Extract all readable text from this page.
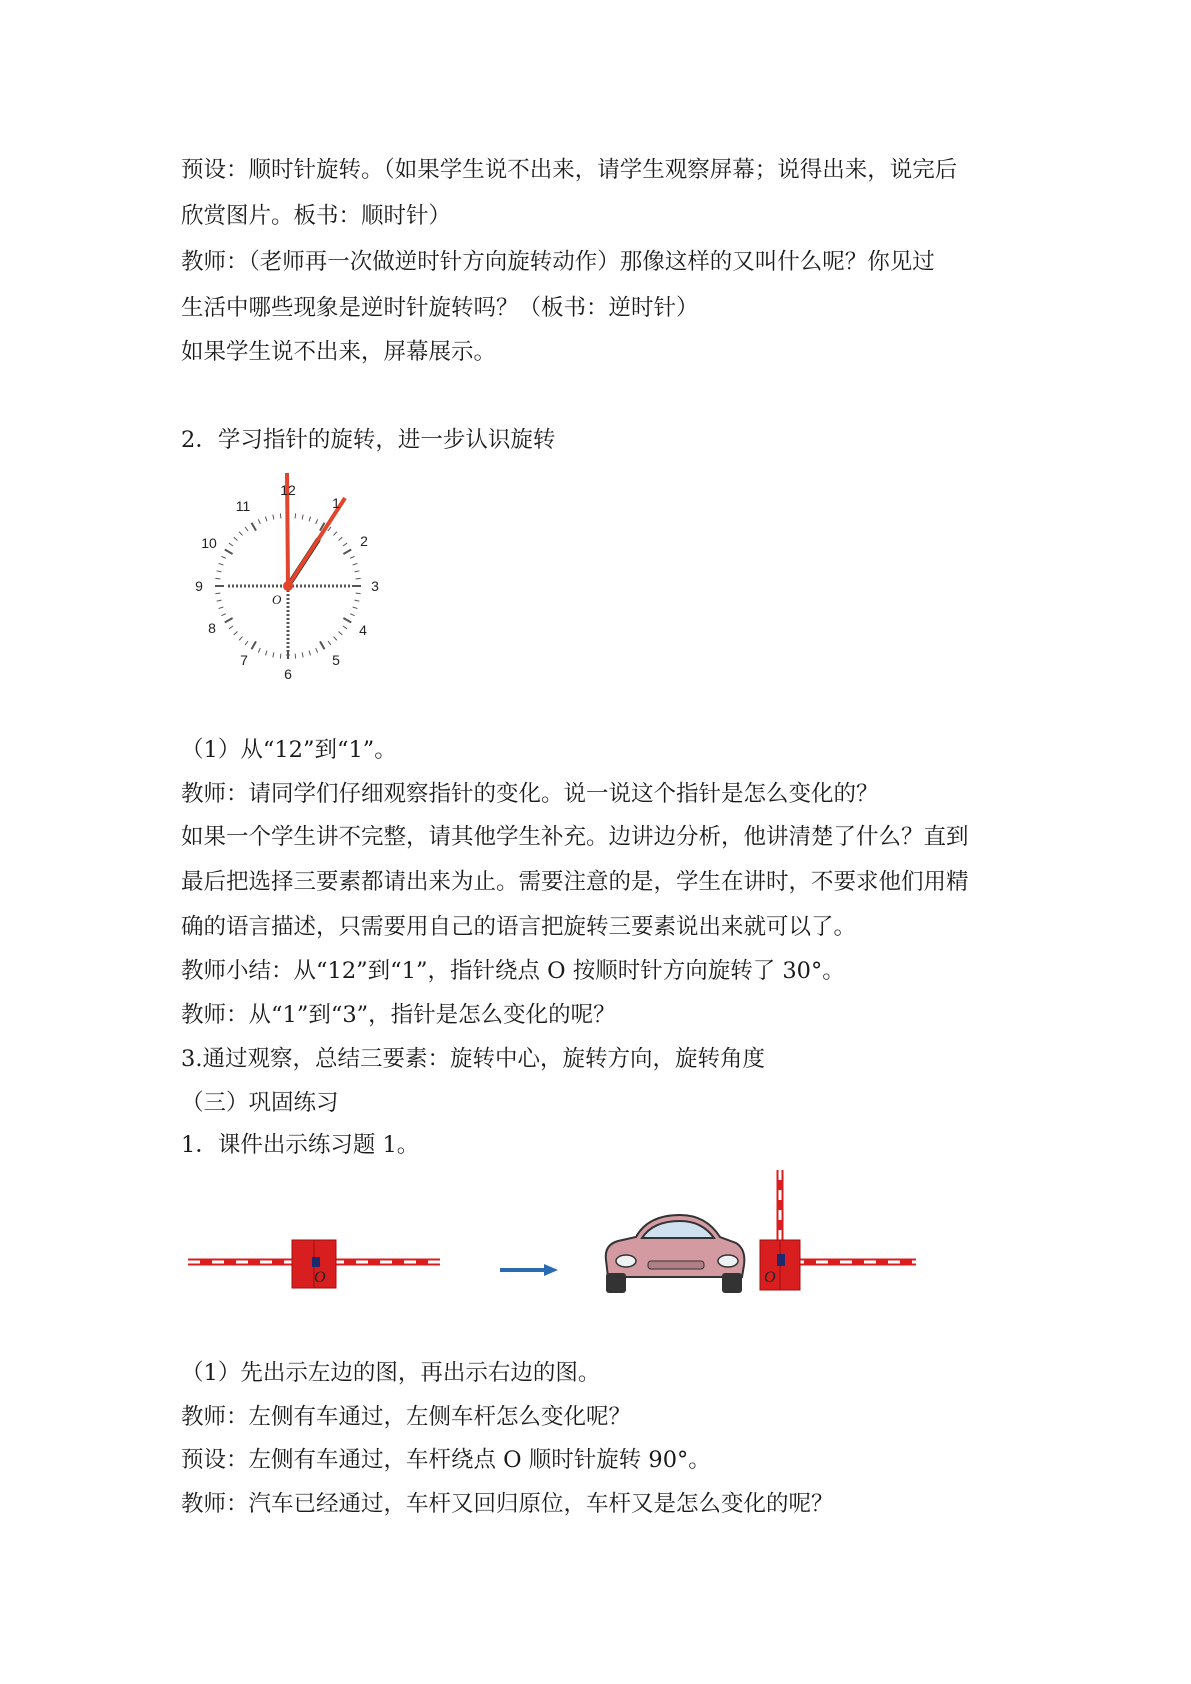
预设：顺时针旋转。（如果学生说不出来，请学生观察屏幕；说得出来，说完后
欣赏图片。板书：顺时针）
教师：（老师再一次做逆时针方向旋转动作）那像这样的又叫什么呢？你见过
生活中哪些现象是逆时针旋转吗？（板书：逆时针）
如果学生说不出来，屏幕展示。
2．学习指针的旋转，进一步认识旋转
O
12
1
2
3
4
5
6
7
8
9
10
11
（1）从“12”到“1”。
教师：请同学们仔细观察指针的变化。说一说这个指针是怎么变化的？
如果一个学生讲不完整，请其他学生补充。边讲边分析，他讲清楚了什么？直到
最后把选择三要素都请出来为止。需要注意的是，学生在讲时，不要求他们用精
确的语言描述，只需要用自己的语言把旋转三要素说出来就可以了。
教师小结：从“12”到“1”，指针绕点 O 按顺时针方向旋转了 30°。
教师：从“1”到“3”，指针是怎么变化的呢？
3.通过观察，总结三要素：旋转中心，旋转方向，旋转角度
（三）巩固练习
1．课件出示练习题 1。
O	O
（1）先出示左边的图，再出示右边的图。
教师：左侧有车通过，左侧车杆怎么变化呢？
预设：左侧有车通过，车杆绕点 O 顺时针旋转 90°。
教师：汽车已经通过，车杆又回归原位，车杆又是怎么变化的呢？
